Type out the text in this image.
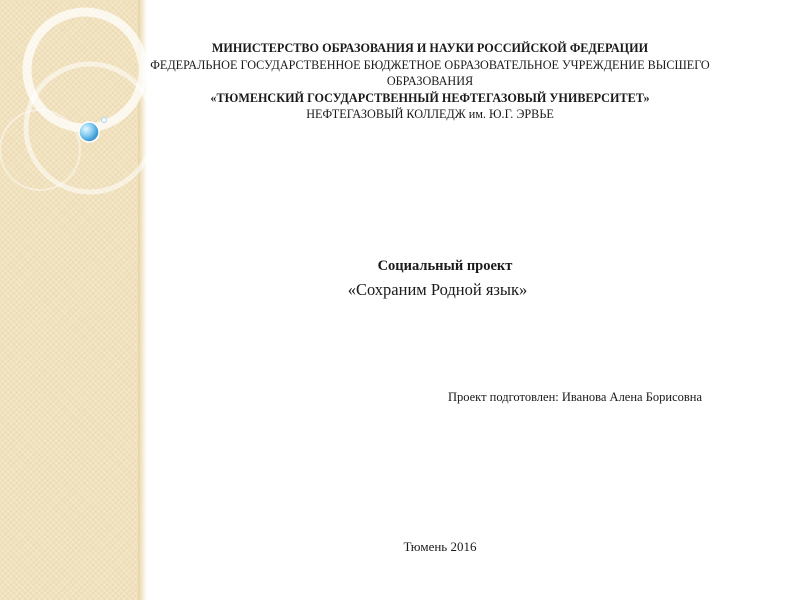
МИНИСТЕРСТВО ОБРАЗОВАНИЯ И НАУКИ РОССИЙСКОЙ ФЕДЕРАЦИИ
ФЕДЕРАЛЬНОЕ ГОСУДАРСТВЕННОЕ БЮДЖЕТНОЕ ОБРАЗОВАТЕЛЬНОЕ УЧРЕЖДЕНИЕ ВЫСШЕГО
ОБРАЗОВАНИЯ
«ТЮМЕНСКИЙ ГОСУДАРСТВЕННЫЙ НЕФТЕГАЗОВЫЙ УНИВЕРСИТЕТ»
НЕФТЕГАЗОВЫЙ КОЛЛЕДЖ им. Ю.Г. ЭРВЬЕ
Социальный проект
«Сохраним Родной язык»
Проект подготовлен: Иванова Алена Борисовна
Тюмень 2016
